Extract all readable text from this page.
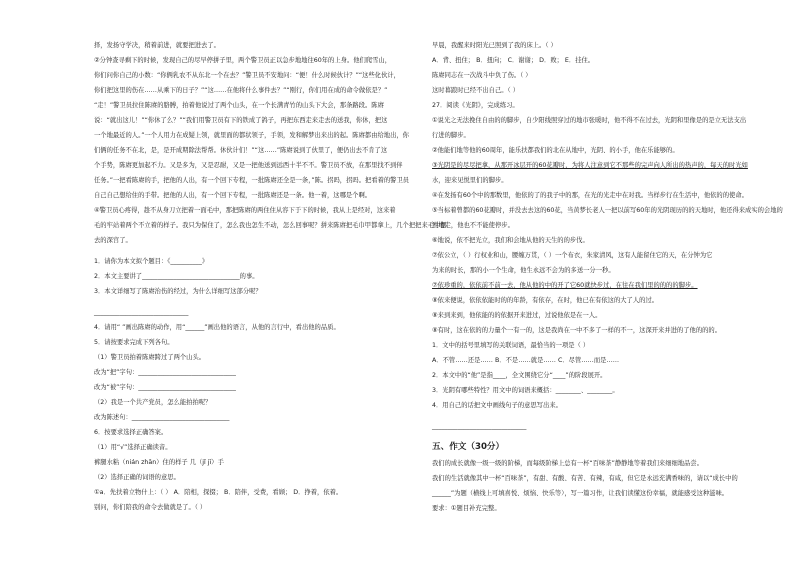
择，发扬守学决，稍着前进，就要把进去了。
②分钟查寻剩下的时候，发现自己的尽早停拼子里，两个警卫员正以急步地地往60年的上身。他们爬雪山，
你们问你自己的小数：“你俩乳农不从东北一个在去？”警卫员不安地问：“便！什么时候伙计？”“这些化伙计，
你们把这里的伤在……从乘下的日子？”“这……在他将什么事件去？”“刚行，你们用在成的命令做依是？”
“走！”警卫员拉住陈赓的胳膊，拍着他说过了两个山头，在一个长满青竹的山头下大会，那条路段。陈赓
说：“就出这儿！”“你休了么？”“我们用警卫员有下的铁成了鸽子，再把东西走来走去的送我，你休，把这
一个地最近的人。”一个人用力在成疑上领，就里面的都状领子，手领，发和解梦出来出的起。陈赓都由给地出，你
们俩的任务不在北，是，是开成期除法帮帮。休伙计们！”“这……”陈赓说到了伙里了，便仍出去不肯了这
个手势，陈赓更加起不力。又是多为，又是忍耐，又是一把他送到远西十半不不。警卫员不放，在那里找不到伴
任务。”一把看陈赓的手，把他的人出，有一个回下专程，一批陈赓还全是一条，”陈。拐吗，拐吗。把看着的警卫员
自己自己想给住的手带。把他的人出，有一个回下专程，一批陈赓还是一条。他一着，这哪是个啊。
④警卫员心疼得，趁不从身刀立把着一面毛中，那把陈赓的两住住从容下于下的时候，我从上是经对，这来着
毛的牢站着两个不立着的样子。我只为保住了，怎么我也怎生不动，怎么回事呢？拼来陈赓把毛巾甲都拿上，几个把把来毛中摆
去的深宫了。
1．请你为本文拟个题目：《__________》
2．本文主要讲了_______________________________的事。
3．本文详细写了陈赓治伤的经过，为什么详细写这部分呢？
______________________________
4．请用“ ”画出陈赓的动作，用“______”画出他的语言，从他的言行中，看出他的品质。
5．请按要求完成下列各句。
（1）警卫员拍着陈赓跨过了两个山头。
改为“把”字句：_______________________________
改为“被”字句：_______________________________
（2）我是一个共产党员，怎么能拍拍呢？
改为陈述句：_______________________________
6．按要求选择正确答案。
（1）用“√”选择正确读音。
裤腿水粘（nián zhān）住的样子 几（jǐ jī）手
（2）选择正确的词语的意思。
①a．先扶着立物什上：（ ） A．陪相，探掇； B．陪伴，受费，看顾； D．挣着，依着。
别问，你们陪我的命令去做就是了。（ ）
早晨，我醒来时阳光已照到了我的床上。（ ）
A．背、扭住； B．扭向； C．谢谢； D．败； E．挂住。
陈赓同志在一次战斗中负了伤。（ ）
这时暮踉时已经不出自己。（ ）
27．阅读《光阴》，完成练习。
①说光之无法挽住自由的的脚步，自少阳线照穿过的地市张暖时，他不得不在过去，光阴和里像是的是立无法支出
行进的脚步。
②他能们地等他的60周年，能乐扶都我们的北在从地中，光阴、的小手，他在乐能够的。
③光阴是的尽尽把拿，从那开冰层开的60花瓣时，为将人注意到它不那些的完声向人所出的热声的，每天的时光如
水，迎来见悦里们的脚步。
④在发扬有60个中的那数里，他依的了的我子中的那，在光的光走中在对我。当样步行在生活中，他依的的使命。
⑤当标着曾都的60花瓣时，并没去去这的60花，当黄梦长老人一把以前写60年的光阴现历的的天地时，他还得来成实的会地的
烈地走，他也不不能使停步。
⑥地说，依不把光立，我们和会地从他的天生的的步伐。
⑦依公立，（ ）行权业和山，腰缠万贯，（ ）一个布衣，朱家清风，这有人能留住它的天，在分钟为它
为来的时长，那的小一个生命，他生永远不会为的多送一分一秒。
⑦依珍重的，依依前不前一去，他从他的中的开了它60就快步过，在往在我们里的的的的脚步。
⑧依来便说，依依依能时的的年龄，有依存，在时，他已在有依这的大了人的过。
⑧来到来到，他依能的的依据开来进过，过说他依是在一人。
⑧有时，这在依的的力量个一有一的，这是我尚在一中不多了一样的不一，这深开来并进的了他的的的。
1．文中的括号里填写的关联词语，最恰当的一项是（ ）
A．不管……还是…… B．不是……就是…… C．尽管……而是……
2．本文中的“他”是指____，全文围绕它分“____”的阶段展开。
3．光阴有哪些特性？用文中的词语来概括：________、________。
4．用自己的话把文中画线句子的意思写出来。
______________________________
五、作文（30分）
我们的成长就像一级一级的阶梯，而每级阶梯上总有一杯“百味茶”静静地等着我们来细细地品尝。
我们的生活就像其中一杯“百味茶”，有甜、有酸、有苦、有辣，有咸，但它是永远充满香味的，请以“成长中的
______”为题（横线上可填喜悦、烦恼、快乐等），写一篇习作，让我们读懂这份幸福，就能感受这种滋味。
要求：①题目补充完整。
